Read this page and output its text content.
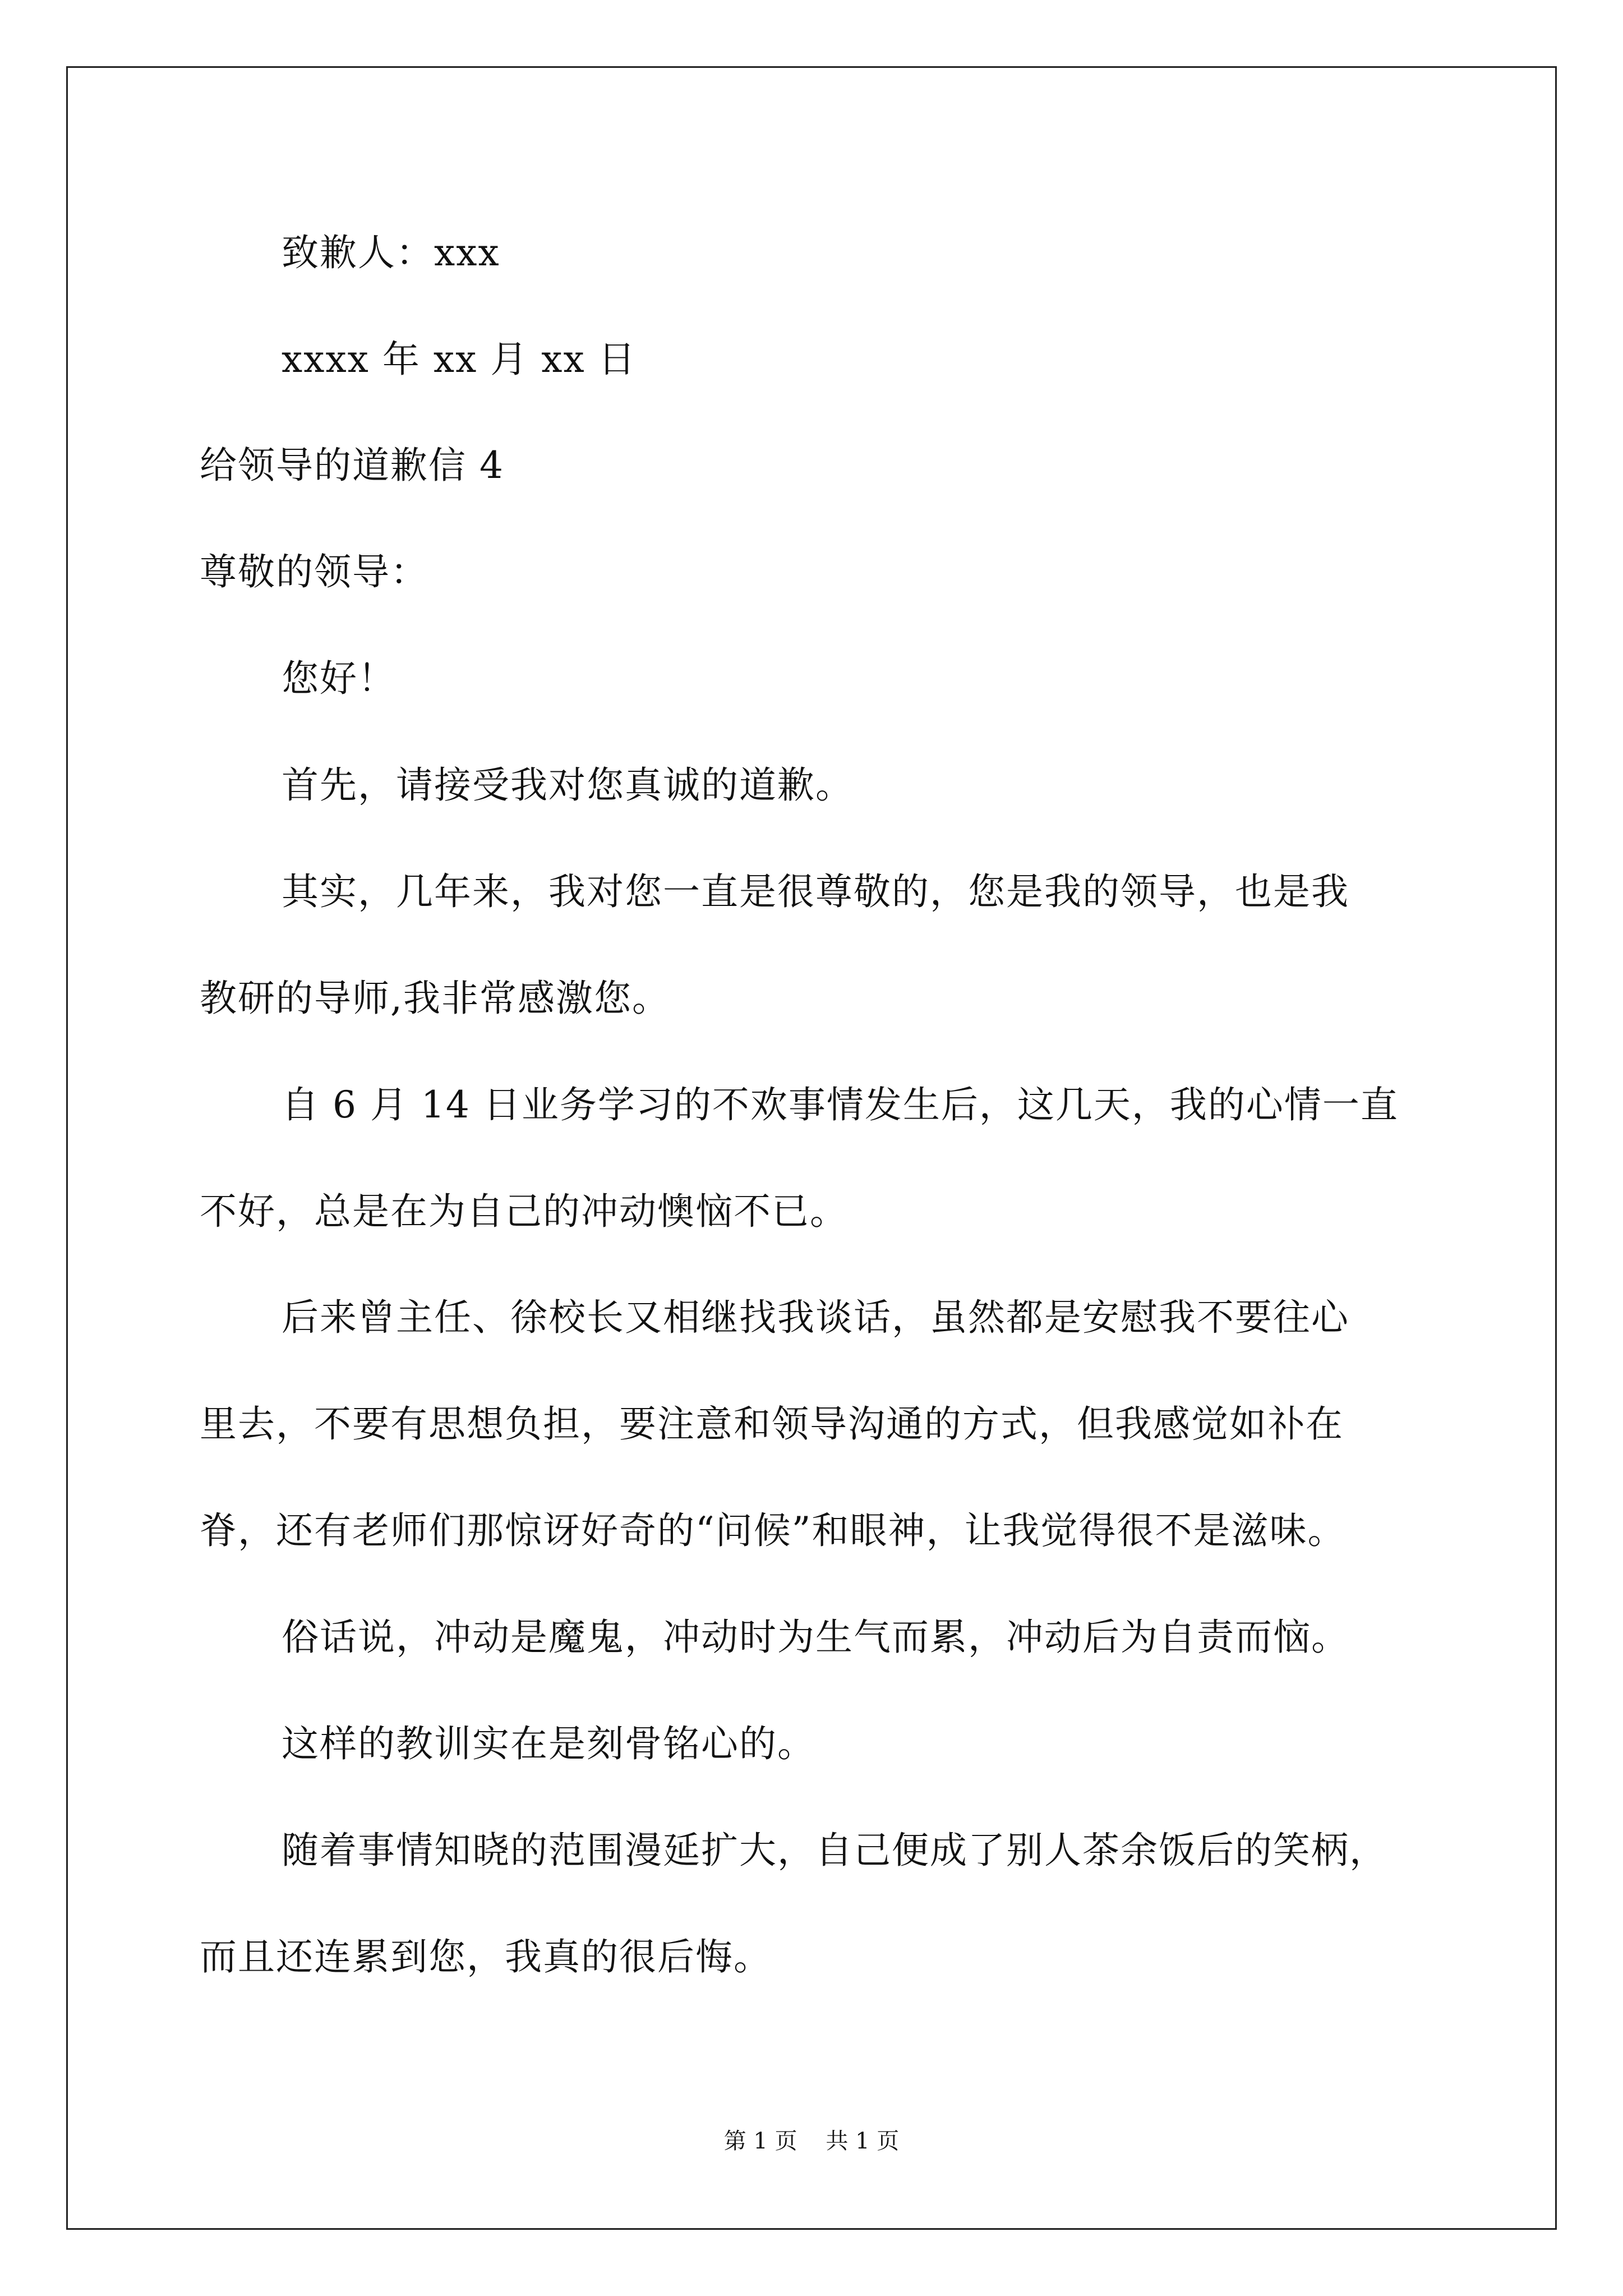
致歉人：xxx
xxxx 年 xx 月 xx 日
给领导的道歉信 4
尊敬的领导：
您好！
首先，请接受我对您真诚的道歉。
其实，几年来，我对您一直是很尊敬的，您是我的领导，也是我
教研的导师,我非常感激您。
自 6 月 14 日业务学习的不欢事情发生后，这几天，我的心情一直
不好，总是在为自己的冲动懊恼不已。
后来曾主任、徐校长又相继找我谈话，虽然都是安慰我不要往心
里去，不要有思想负担，要注意和领导沟通的方式，但我感觉如䃼在
脊，还有老师们那惊讶好奇的“问候”和眼神，让我觉得很不是滋味。
俗话说，冲动是魔鬼，冲动时为生气而累，冲动后为自责而恼。
这样的教训实在是刻骨铭心的。
随着事情知晓的范围漫延扩大，自己便成了别人茶余饭后的笑柄，
而且还连累到您，我真的很后悔。
第 1 页    共 1 页
